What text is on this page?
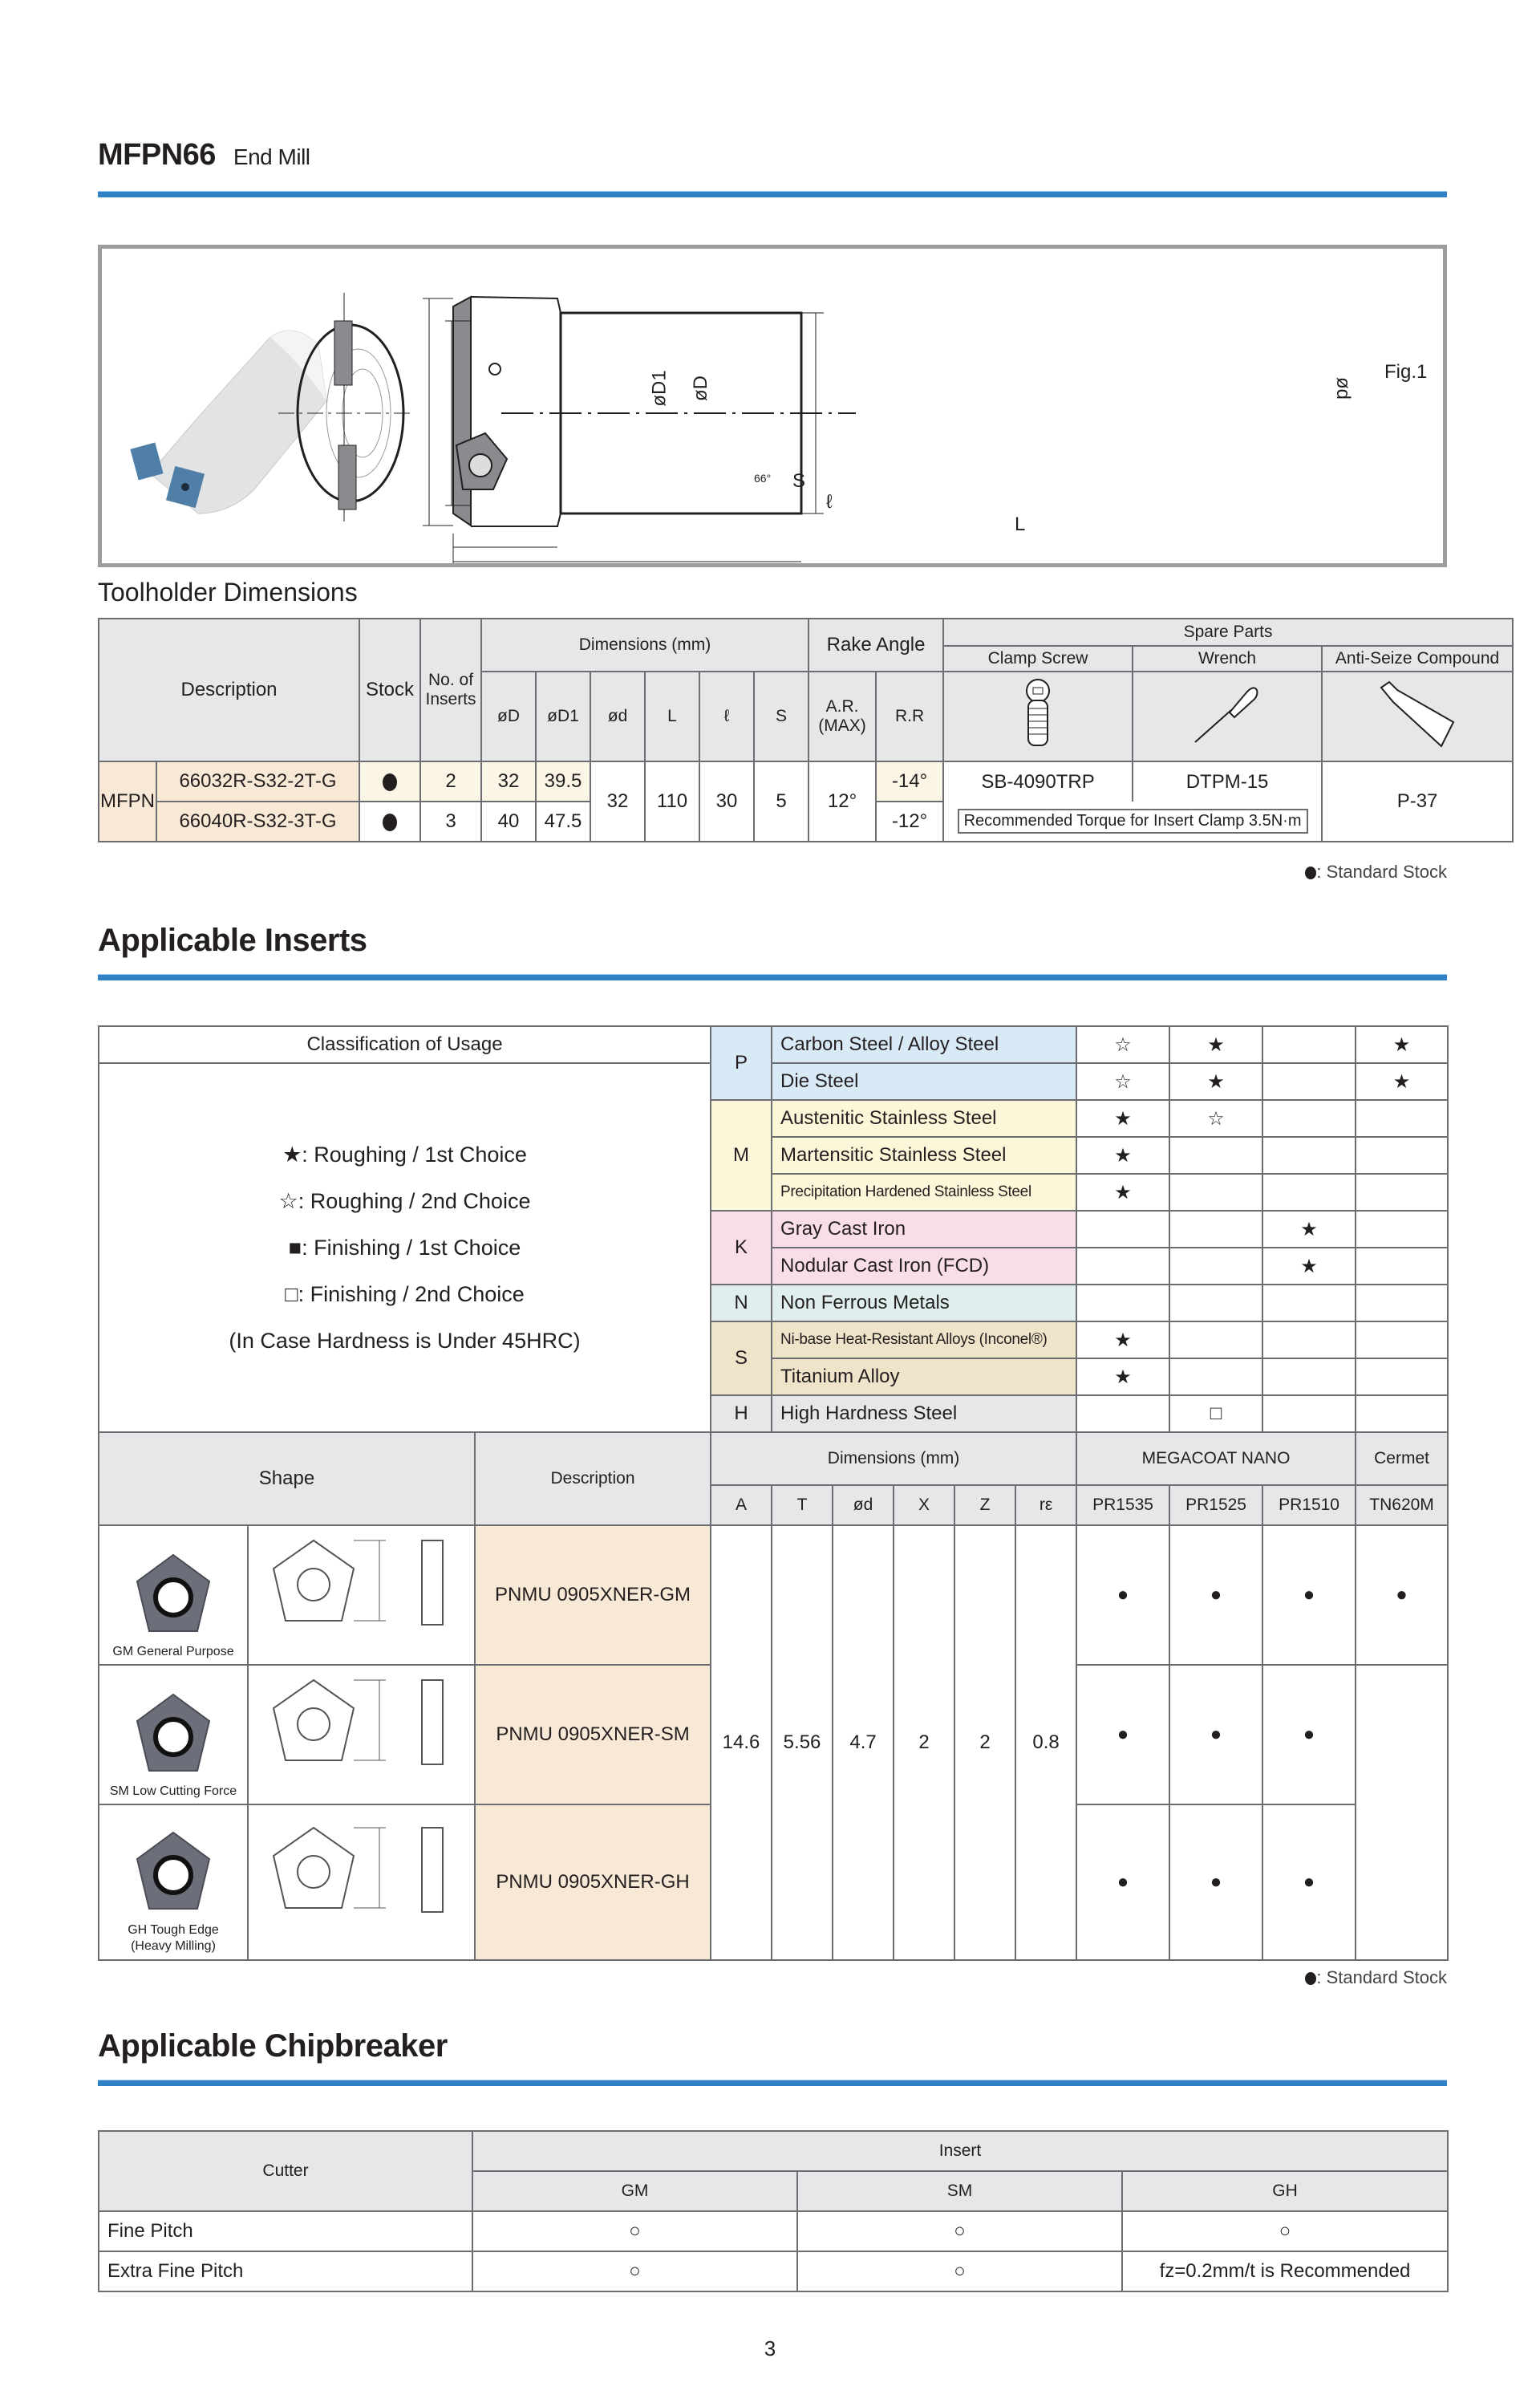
MFPN66 End Mill
Fig.1
øD1 øD	ød
S
ℓ
L
66°
Toolholder Dimensions
Description		Stock	No. of Inserts	Dimensions (mm)						Rake Angle		Spare Parts		
												Clamp Screw	Wrench	Anti-Seize Compound
				øD	øD1	ød	L	ℓ	S	A.R. (MAX)	R.R			
MFPN	66032R-S32-2T-G		2	32	39.5	32	110	30	5	12°	-14°	SB-4090TRP	DTPM-15	P-37
	66040R-S32-3T-G		3	40	47.5						-12°	Recommended Torque for Insert Clamp 3.5N·m		
: Standard Stock
Applicable Inserts
Classification of Usage			P	Carbon Steel / Alloy Steel					☆	★		★

★: Roughing / 1st Choice
☆: Roughing / 2nd Choice
■: Finishing / 1st Choice
□: Finishing / 2nd Choice
(In Case Hardness is Under 45HRC)				Die Steel					☆	★		★
			M	Austenitic Stainless Steel					★	☆		
				Martensitic Stainless Steel					★			
				Precipitation Hardened Stainless Steel					★			
			K	Gray Cast Iron							★	
				Nodular Cast Iron (FCD)							★	
			N	Non Ferrous Metals								
			S	Ni-base Heat-Resistant Alloys (Inconel®)					★			
				Titanium Alloy					★			
			H	High Hardness Steel						□		
Shape		Description	Dimensions (mm)						MEGACOAT NANO			Cermet
			A	T	ød	X	Z	rε	PR1535	PR1525	PR1510	TN620M

GM General Purpose		PNMU 0905XNER-GM	14.6	5.56	4.7	2	2	0.8	●	●	●	●

SM Low Cutting Force		PNMU 0905XNER-SM							●	●	●	

GH Tough Edge
(Heavy Milling)		PNMU 0905XNER-GH							●	●	●	
: Standard Stock
Applicable Chipbreaker
Cutter	Insert		
	GM	SM	GH
Fine Pitch	○	○	○
Extra Fine Pitch	○	○	fz=0.2mm/t is Recommended
3
